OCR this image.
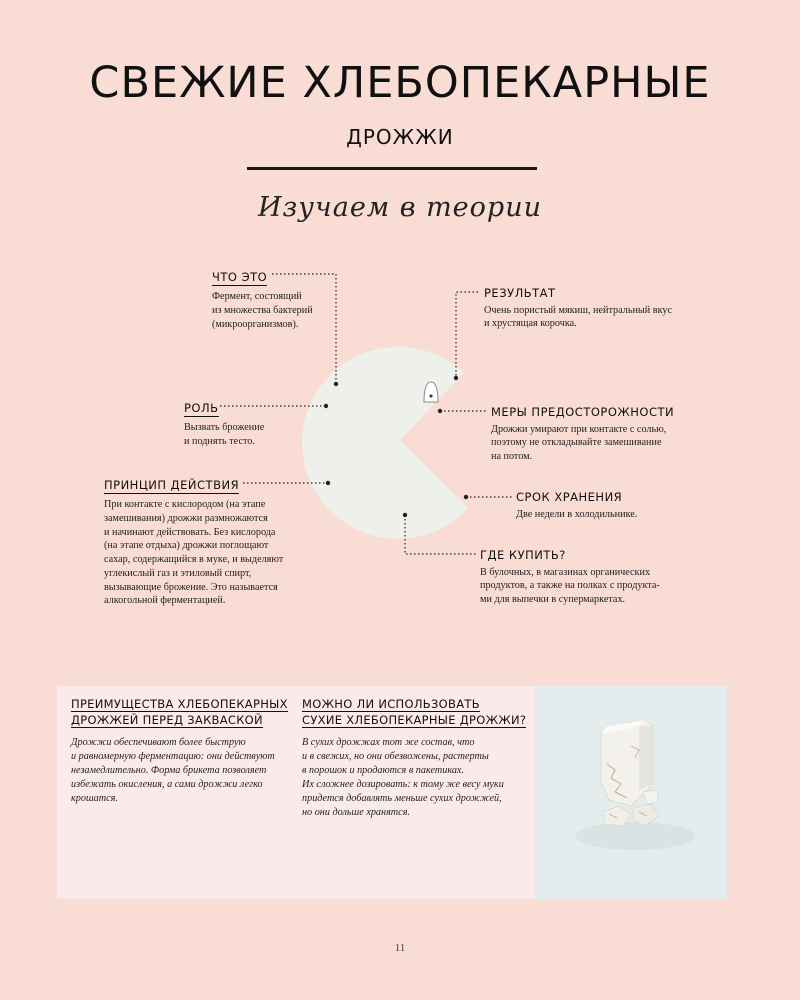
СВЕЖИЕ ХЛЕБОПЕКАРНЫЕ
ДРОЖЖИ
Изучаем в теории
ЧТО ЭТО
Фермент, состоящий
из множества бактерий
(микроорганизмов).
РОЛЬ
Вызвать брожение
и поднять тесто.
ПРИНЦИП ДЕЙСТВИЯ
При контакте с кислородом (на этапе
замешивания) дрожжи размножаются
и начинают действовать. Без кислорода
(на этапе отдыха) дрожжи поглощают
сахар, содержащийся в муке, и выделяют
углекислый газ и этиловый спирт,
вызывающие брожение. Это называется
алкогольной ферментацией.
РЕЗУЛЬТАТ
Очень пористый мякиш, нейтральный вкус
и хрустящая корочка.
МЕРЫ ПРЕДОСТОРОЖНОСТИ
Дрожжи умирают при контакте с солью,
поэтому не откладывайте замешивание
на потом.
СРОК ХРАНЕНИЯ
Две недели в холодильнике.
ГДЕ КУПИТЬ?
В булочных, в магазинах органических
продуктов, а также на полках с продукта-
ми для выпечки в супермаркетах.
ПРЕИМУЩЕСТВА ХЛЕБОПЕКАРНЫХ
ДРОЖЖЕЙ ПЕРЕД ЗАКВАСКОЙ
Дрожжи обеспечивают более быструю
и равномерную ферментацию: они действуют
незамедлительно. Форма брикета позволяет
избежать окисления, а сами дрожжи легко
крошатся.
МОЖНО ЛИ ИСПОЛЬЗОВАТЬ
СУХИЕ ХЛЕБОПЕКАРНЫЕ ДРОЖЖИ?
В сухих дрожжах тот же состав, что
и в свежих, но они обезвожены, растерты
в порошок и продаются в пакетиках.
Их сложнее дозировать: к тому же весу муки
придется добавлять меньше сухих дрожжей,
но они дольше хранятся.
11
